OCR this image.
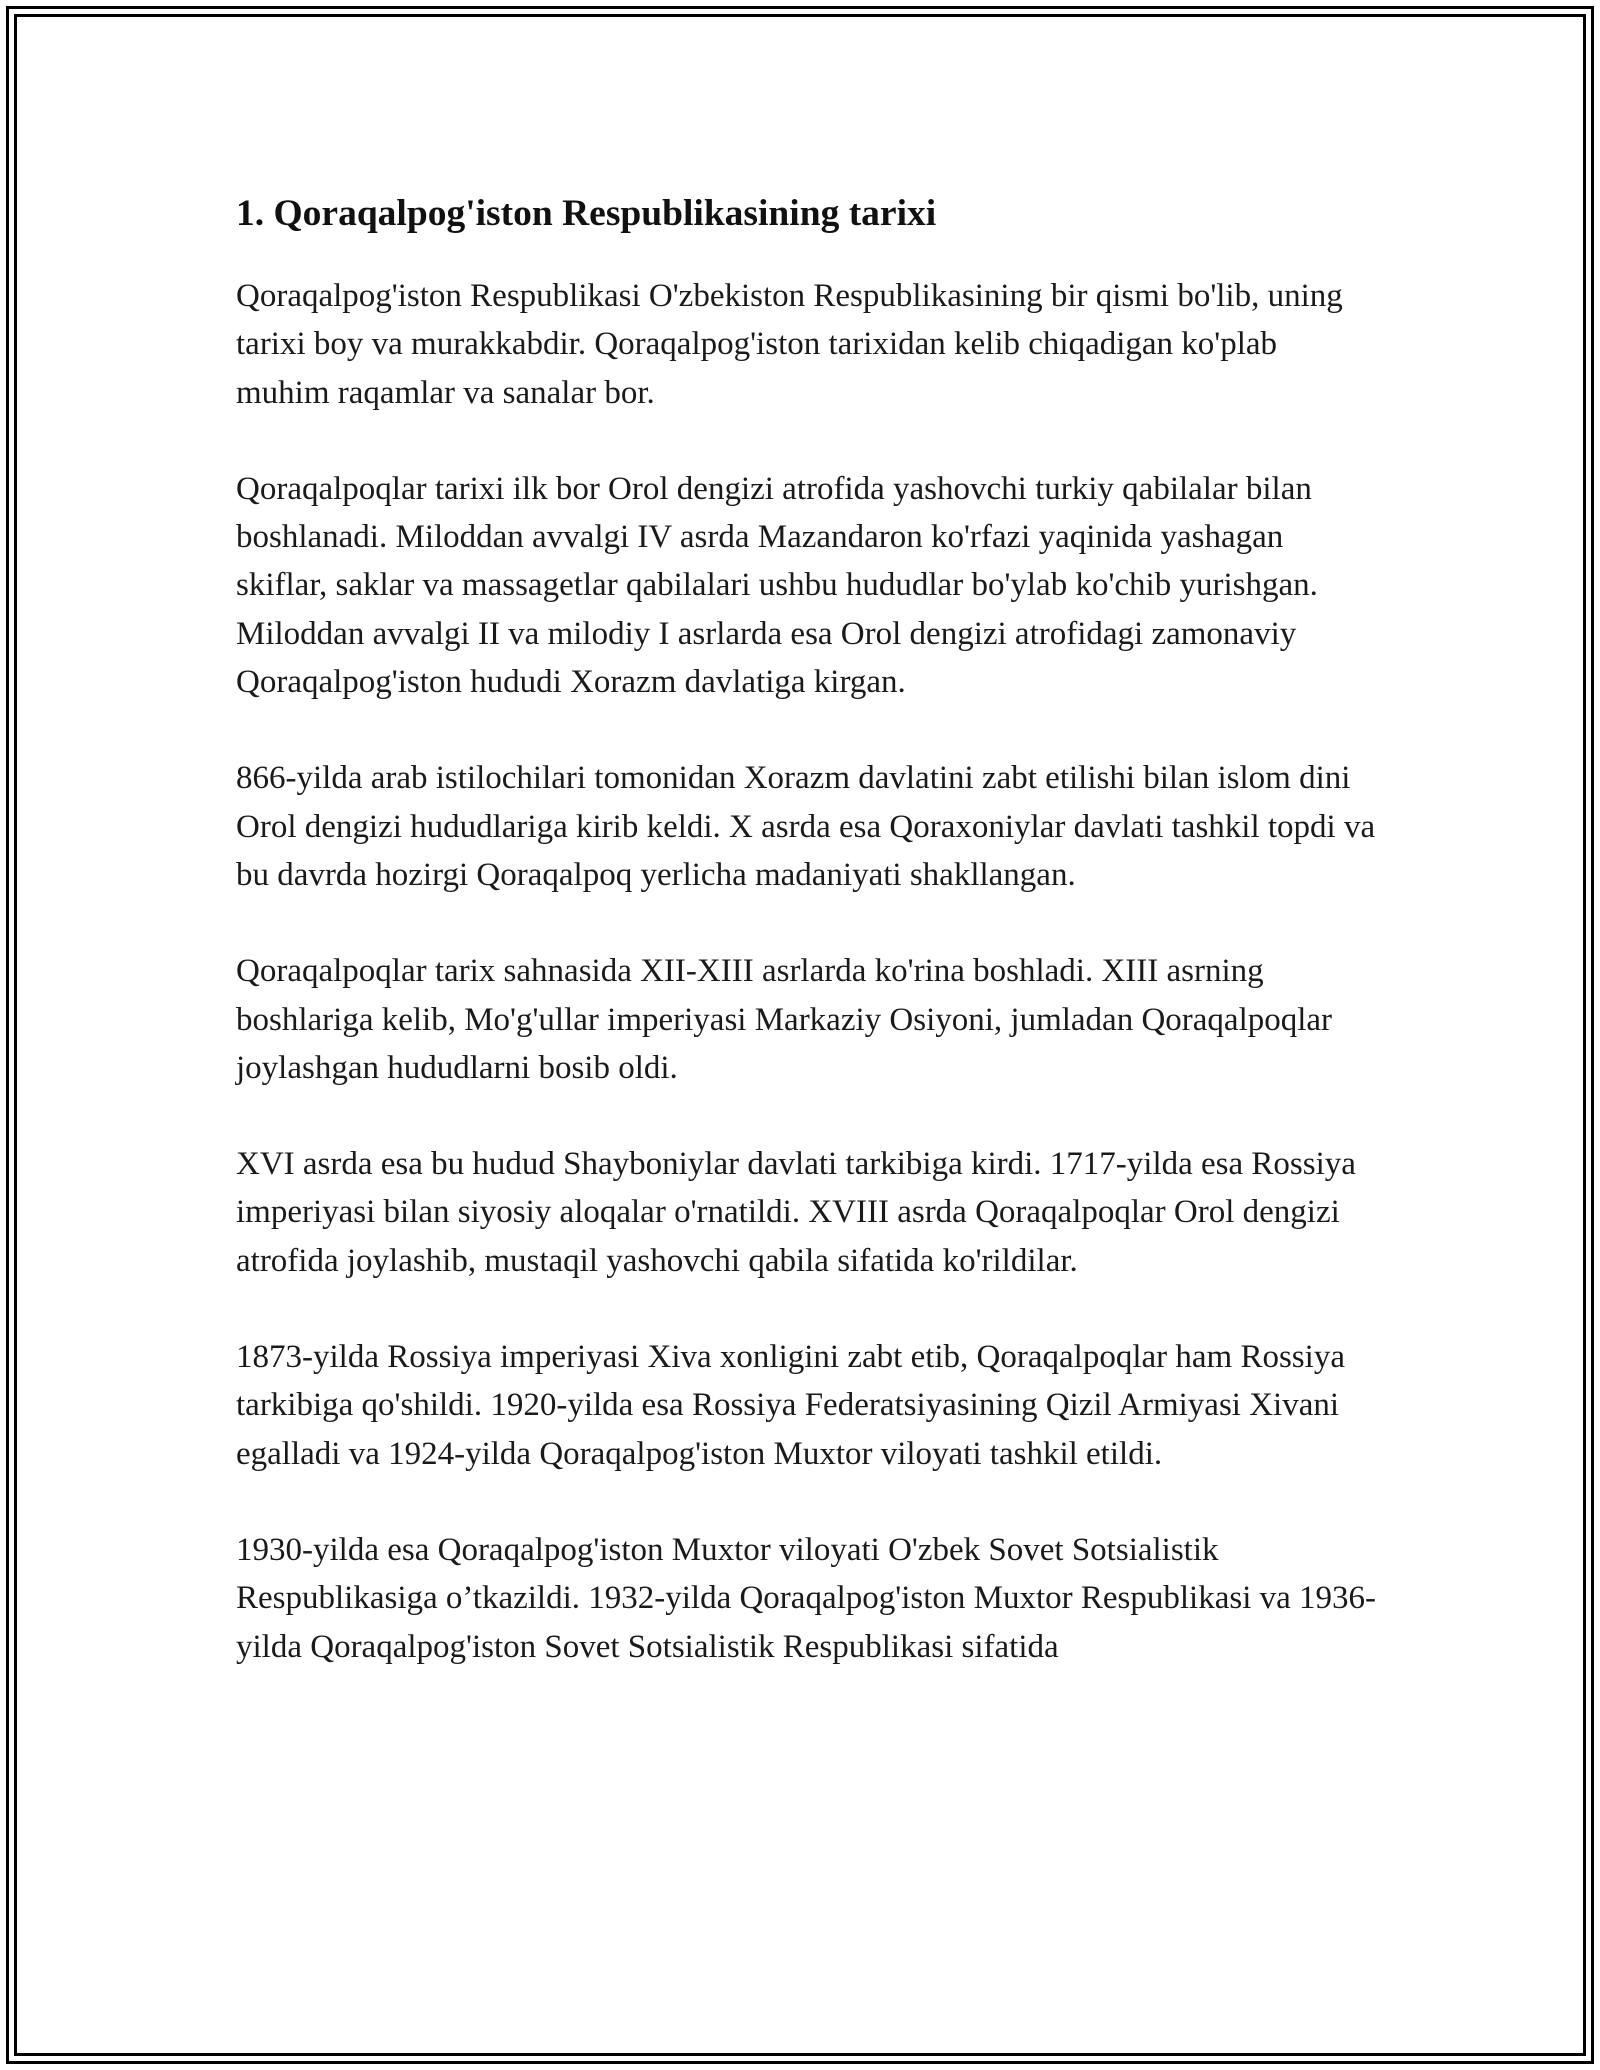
1. Qoraqalpog'iston Respublikasining tarixi

Qoraqalpog'iston Respublikasi O'zbekiston Respublikasining bir qismi bo'lib, uning tarixi boy va murakkabdir. Qoraqalpog'iston tarixidan kelib chiqadigan ko'plab muhim raqamlar va sanalar bor.

Qoraqalpoqlar tarixi ilk bor Orol dengizi atrofida yashovchi turkiy qabilalar bilan boshlanadi. Miloddan avvalgi IV asrda Mazandaron ko'rfazi yaqinida yashagan skiflar, saklar va massagetlar qabilalari ushbu hududlar bo'ylab ko'chib yurishgan. Miloddan avvalgi II va milodiy I asrlarda esa Orol dengizi atrofidagi zamonaviy Qoraqalpog'iston hududi Xorazm davlatiga kirgan.

866-yilda arab istilochilari tomonidan Xorazm davlatini zabt etilishi bilan islom dini Orol dengizi hududlariga kirib keldi. X asrda esa Qoraxoniylar davlati tashkil topdi va bu davrda hozirgi Qoraqalpoq yerlicha madaniyati shakllangan.

Qoraqalpoqlar tarix sahnasida XII-XIII asrlarda ko'rina boshladi. XIII asrning boshlariga kelib, Mo'g'ullar imperiyasi Markaziy Osiyoni, jumladan Qoraqalpoqlar joylashgan hududlarni bosib oldi.

XVI asrda esa bu hudud Shayboniylar davlati tarkibiga kirdi. 1717-yilda esa Rossiya imperiyasi bilan siyosiy aloqalar o'rnatildi. XVIII asrda Qoraqalpoqlar Orol dengizi atrofida joylashib, mustaqil yashovchi qabila sifatida ko'rildilar.

1873-yilda Rossiya imperiyasi Xiva xonligini zabt etib, Qoraqalpoqlar ham Rossiya tarkibiga qo'shildi. 1920-yilda esa Rossiya Federatsiyasining Qizil Armiyasi Xivani egalladi va 1924-yilda Qoraqalpog'iston Muxtor viloyati tashkil etildi.

1930-yilda esa Qoraqalpog'iston Muxtor viloyati O'zbek Sovet Sotsialistik Respublikasiga o’tkazildi. 1932-yilda Qoraqalpog'iston Muxtor Respublikasi va 1936-yilda Qoraqalpog'iston Sovet Sotsialistik Respublikasi sifatida
